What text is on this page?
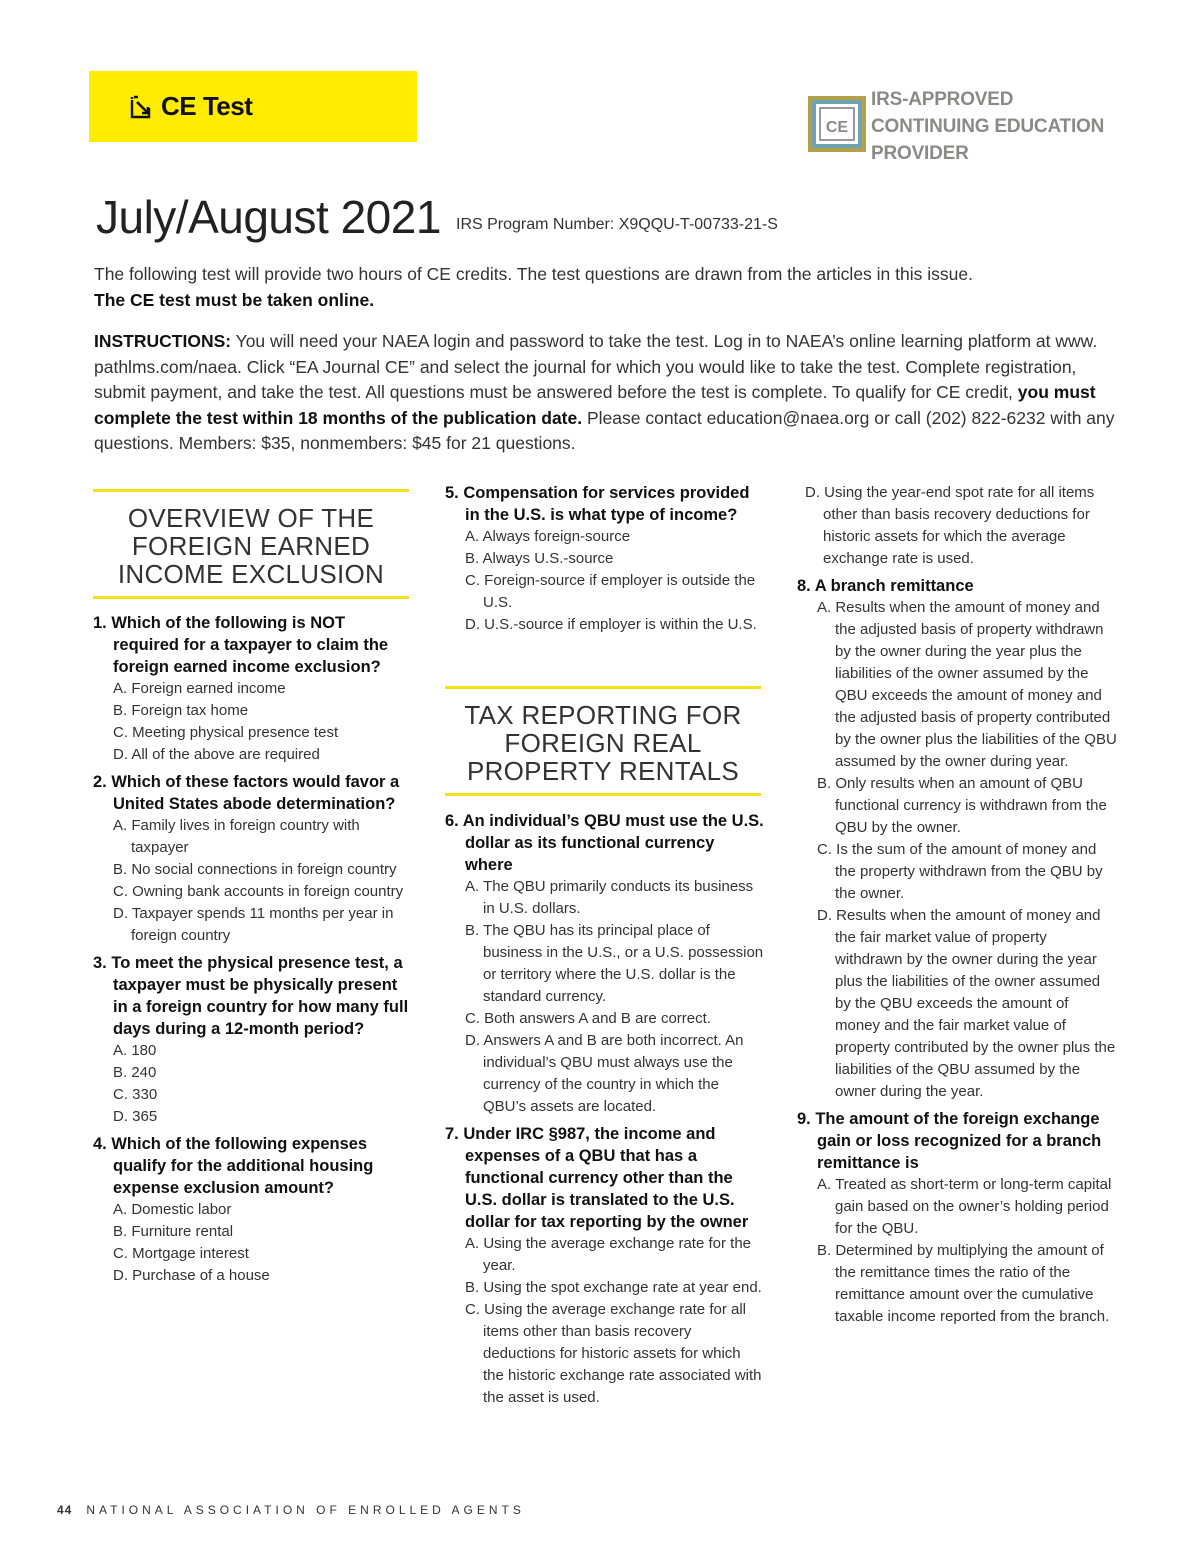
CE Test
CE
IRS-APPROVED
CONTINUING EDUCATION
PROVIDER
July/August 2021 IRS Program Number: X9QQU-T-00733-21-S
The following test will provide two hours of CE credits. The test questions are drawn from the articles in this issue.
The CE test must be taken online.
INSTRUCTIONS: You will need your NAEA login and password to take the test. Log in to NAEA’s online learning platform at www. pathlms.com/naea. Click “EA Journal CE” and select the journal for which you would like to take the test. Complete registration, submit payment, and take the test. All questions must be answered before the test is complete. To qualify for CE credit, you must complete the test within 18 months of the publication date. Please contact education@naea.org or call (202) 822-6232 with any questions. Members: $35, nonmembers: $45 for 21 questions.
OVERVIEW OF THE FOREIGN EARNED INCOME EXCLUSION
TAX REPORTING FOR FOREIGN REAL PROPERTY RENTALS
1. Which of the following is NOT required for a taxpayer to claim the foreign earned income exclusion?
A. Foreign earned income
B. Foreign tax home
C. Meeting physical presence test
D. All of the above are required
2. Which of these factors would favor a United States abode determination?
A. Family lives in foreign country with taxpayer
B. No social connections in foreign country
C. Owning bank accounts in foreign country
D. Taxpayer spends 11 months per year in foreign country
3. To meet the physical presence test, a taxpayer must be physically present in a foreign country for how many full days during a 12-month period?
A. 180
B. 240
C. 330
D. 365
4. Which of the following expenses qualify for the additional housing expense exclusion amount?
A. Domestic labor
B. Furniture rental
C. Mortgage interest
D. Purchase of a house
5. Compensation for services provided in the U.S. is what type of income?
A. Always foreign-source
B. Always U.S.-source
C. Foreign-source if employer is outside the U.S.
D. U.S.-source if employer is within the U.S.
6. An individual’s QBU must use the U.S. dollar as its functional currency where
A. The QBU primarily conducts its business in U.S. dollars.
B. The QBU has its principal place of business in the U.S., or a U.S. possession or territory where the U.S. dollar is the standard currency.
C. Both answers A and B are correct.
D. Answers A and B are both incorrect. An individual’s QBU must always use the currency of the country in which the QBU’s assets are located.
7. Under IRC §987, the income and expenses of a QBU that has a functional currency other than the U.S. dollar is translated to the U.S. dollar for tax reporting by the owner
A. Using the average exchange rate for the year.
B. Using the spot exchange rate at year end.
C. Using the average exchange rate for all items other than basis recovery deductions for historic assets for which the historic exchange rate associated with the asset is used.
D. Using the year-end spot rate for all items other than basis recovery deductions for historic assets for which the average exchange rate is used.
8. A branch remittance
A. Results when the amount of money and the adjusted basis of property withdrawn by the owner during the year plus the liabilities of the owner assumed by the QBU exceeds the amount of money and the adjusted basis of property contributed by the owner plus the liabilities of the QBU assumed by the owner during year.
B. Only results when an amount of QBU functional currency is withdrawn from the QBU by the owner.
C. Is the sum of the amount of money and the property withdrawn from the QBU by the owner.
D. Results when the amount of money and the fair market value of property withdrawn by the owner during the year plus the liabilities of the owner assumed by the QBU exceeds the amount of money and the fair market value of property contributed by the owner plus the liabilities of the QBU assumed by the owner during the year.
9. The amount of the foreign exchange gain or loss recognized for a branch remittance is
A. Treated as short-term or long-term capital gain based on the owner’s holding period for the QBU.
B. Determined by multiplying the amount of the remittance times the ratio of the remittance amount over the cumulative taxable income reported from the branch.
44 NATIONAL ASSOCIATION OF ENROLLED AGENTS
